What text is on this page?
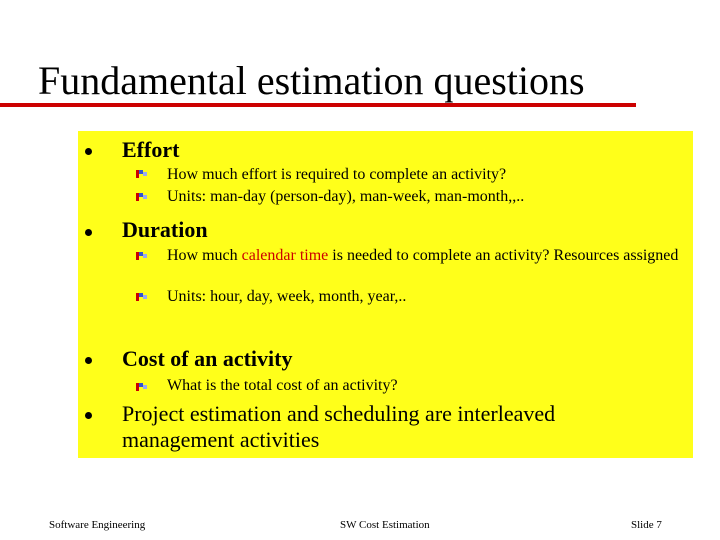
Fundamental estimation questions
Effort
How much effort is required to complete an activity?
Units: man-day (person-day), man-week, man-month,,..
Duration
How much calendar time is needed to complete an activity? Resources assigned
Units: hour, day, week, month, year,..
Cost of an activity
What is the total cost of an activity?
Project estimation and scheduling are interleaved management activities
Software Engineering	SW Cost Estimation	Slide 7
